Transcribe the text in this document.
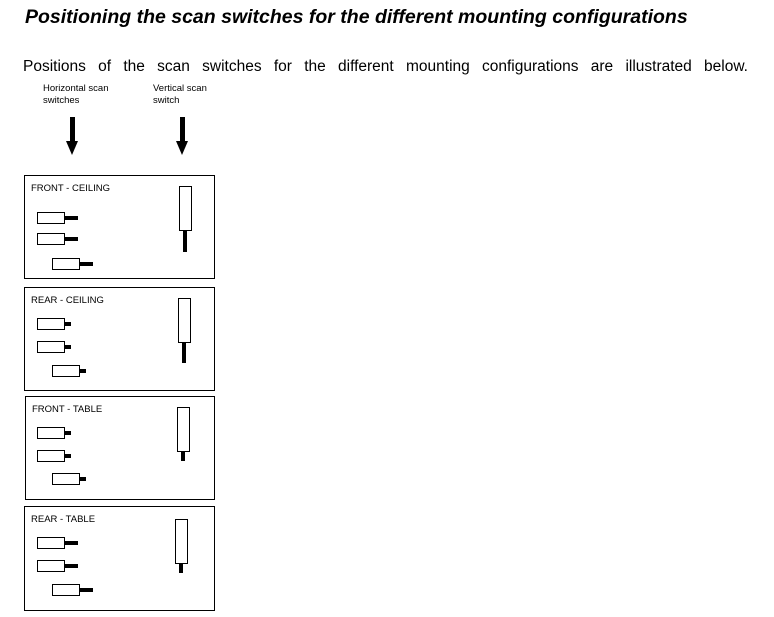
Positioning the scan switches for the different mounting configurations
Positions of the scan switches for the different mounting configurations are illustrated below.
Horizontal scan switches
Vertical scan switch
FRONT - CEILING
REAR - CEILING
FRONT - TABLE
REAR - TABLE
